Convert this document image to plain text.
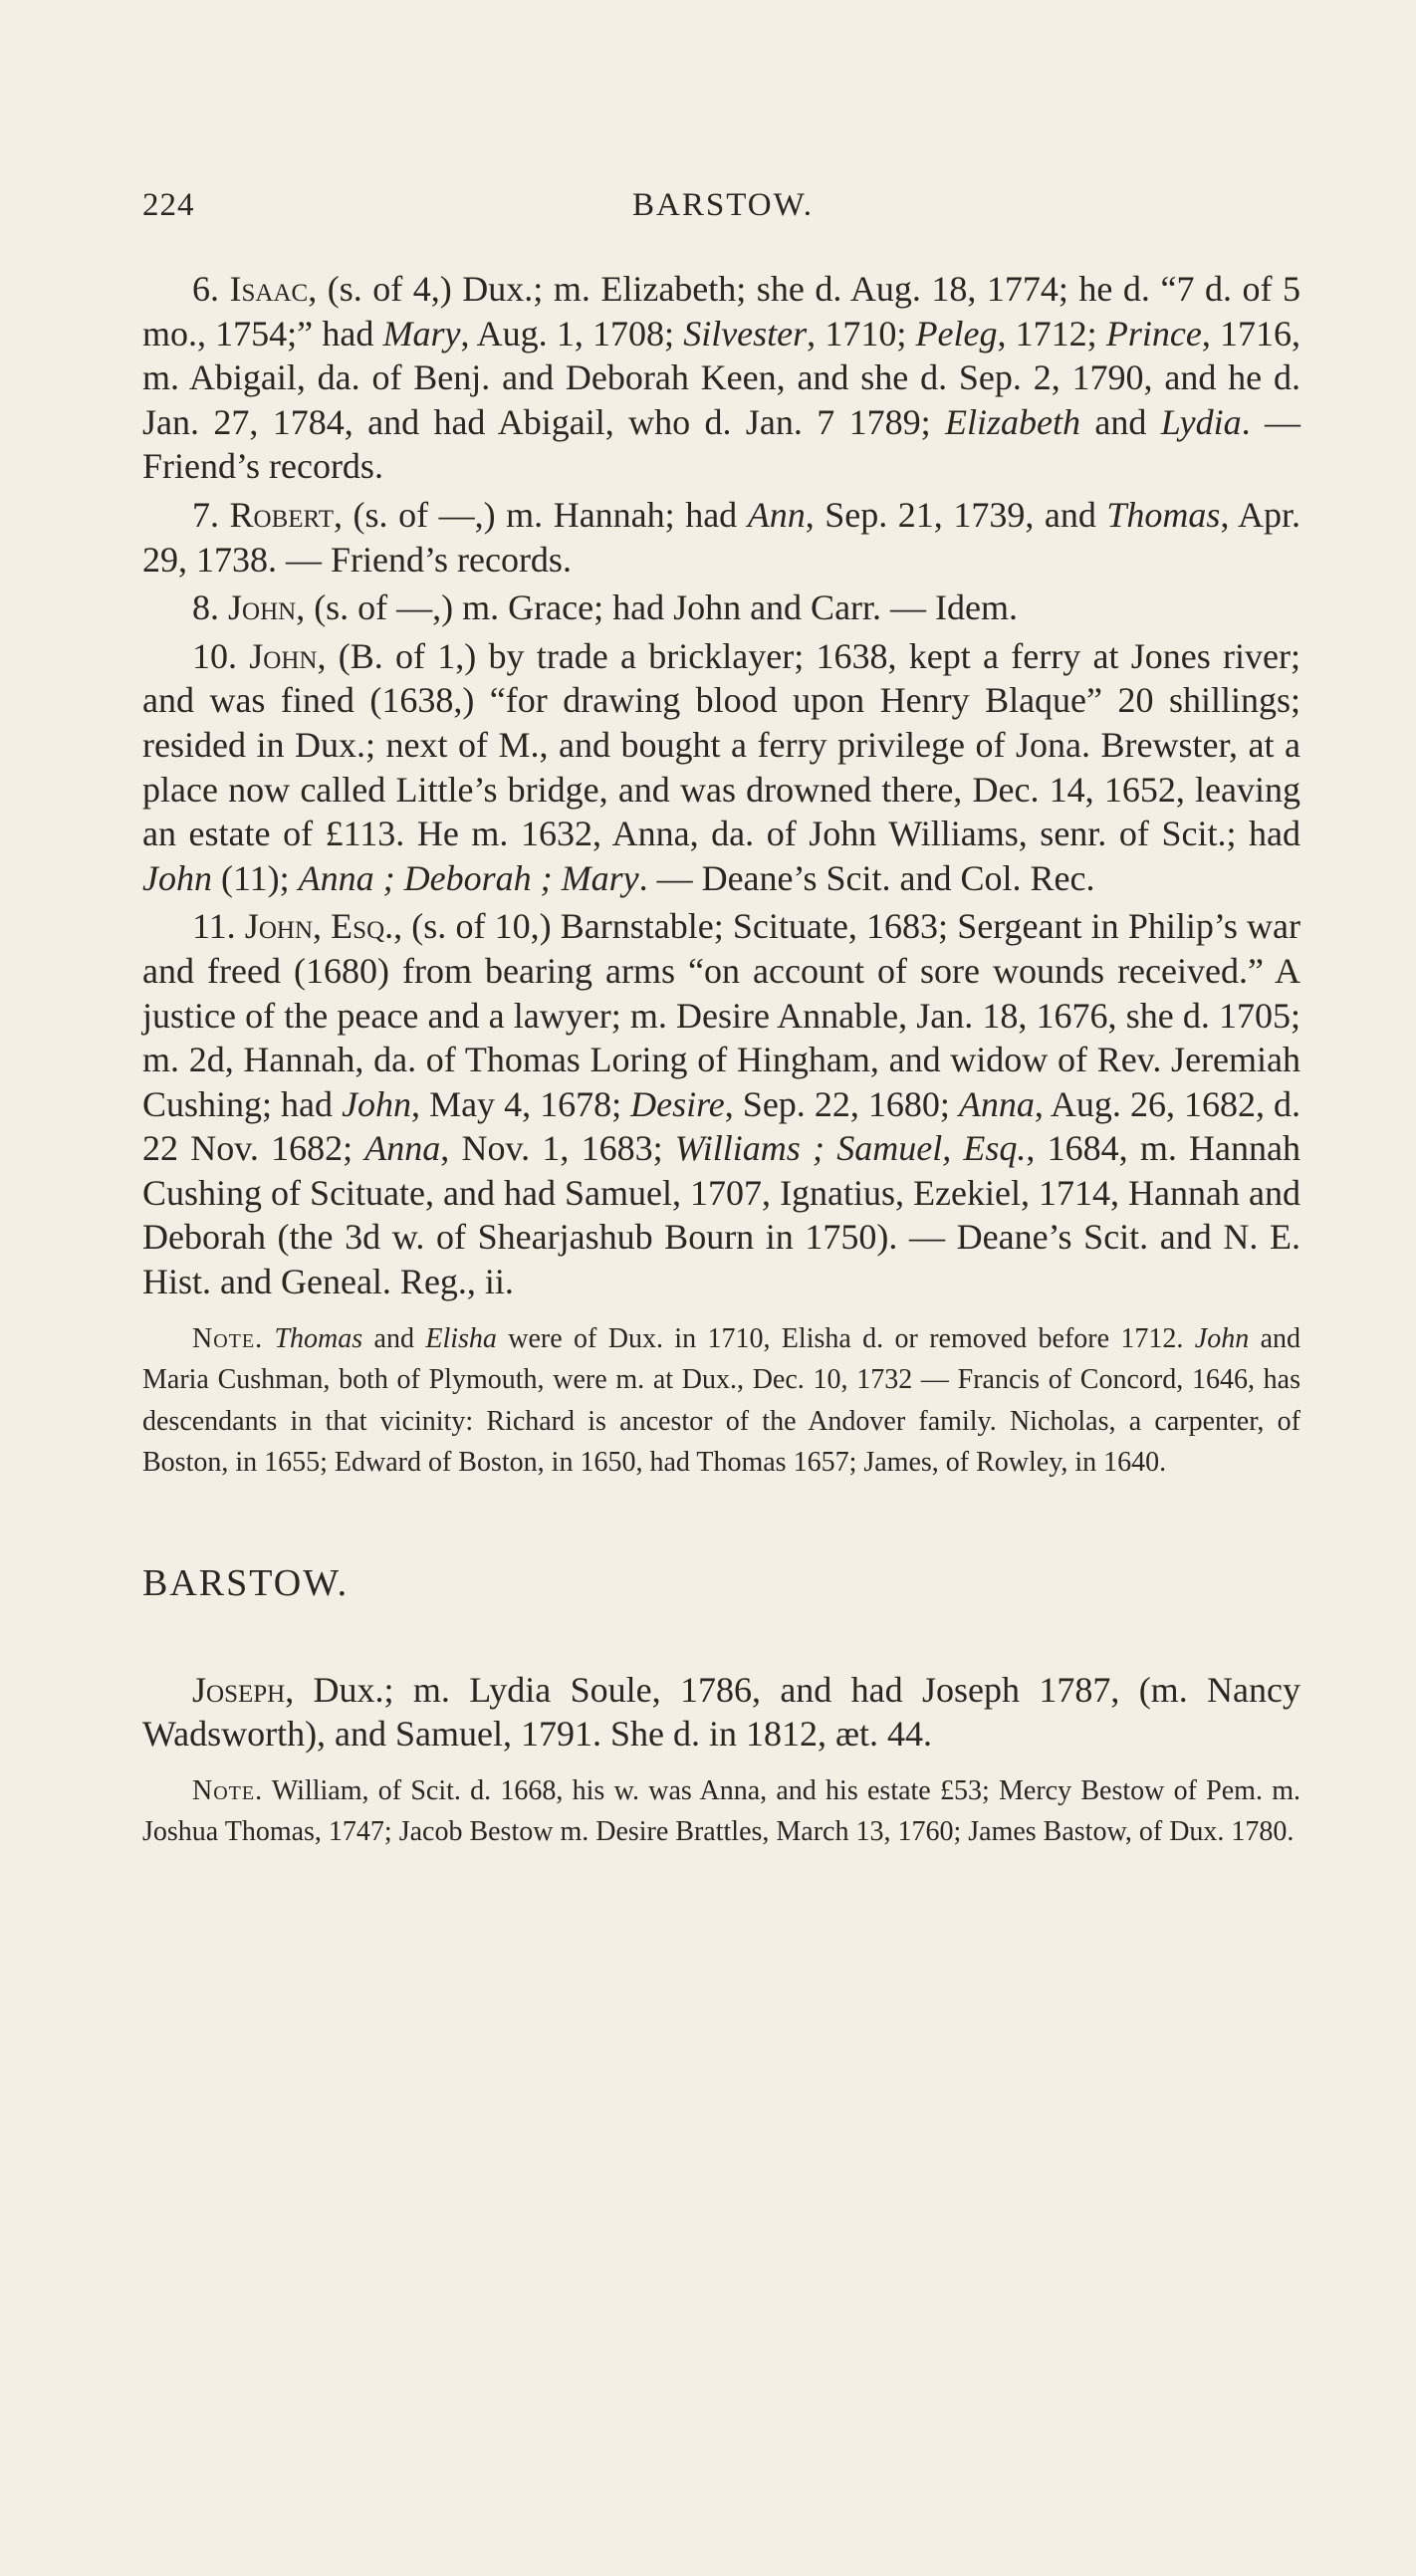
224	BARSTOW.

6. Isaac, (s. of 4,) Dux.; m. Elizabeth; she d. Aug. 18, 1774; he d. “7 d. of 5 mo., 1754;” had Mary, Aug. 1, 1708; Silvester, 1710; Peleg, 1712; Prince, 1716, m. Abigail, da. of Benj. and Deborah Keen, and she d. Sep. 2, 1790, and he d. Jan. 27, 1784, and had Abigail, who d. Jan. 7 1789; Elizabeth and Lydia. — Friend’s records.

7. Robert, (s. of —,) m. Hannah; had Ann, Sep. 21, 1739, and Thomas, Apr. 29, 1738. — Friend’s records.

8. John, (s. of —,) m. Grace; had John and Carr. — Idem.

10. John, (B. of 1,) by trade a bricklayer; 1638, kept a ferry at Jones river; and was fined (1638,) “for drawing blood upon Henry Blaque” 20 shillings; resided in Dux.; next of M., and bought a ferry privilege of Jona. Brewster, at a place now called Little’s bridge, and was drowned there, Dec. 14, 1652, leaving an estate of £113. He m. 1632, Anna, da. of John Williams, senr. of Scit.; had John (11); Anna ; Deborah ; Mary. — Deane’s Scit. and Col. Rec.

11. John, Esq., (s. of 10,) Barnstable; Scituate, 1683; Sergeant in Philip’s war and freed (1680) from bearing arms “on account of sore wounds received.” A justice of the peace and a lawyer; m. Desire Annable, Jan. 18, 1676, she d. 1705; m. 2d, Hannah, da. of Thomas Loring of Hingham, and widow of Rev. Jeremiah Cushing; had John, May 4, 1678; Desire, Sep. 22, 1680; Anna, Aug. 26, 1682, d. 22 Nov. 1682; Anna, Nov. 1, 1683; Williams ; Samuel, Esq., 1684, m. Hannah Cushing of Scituate, and had Samuel, 1707, Ignatius, Ezekiel, 1714, Hannah and Deborah (the 3d w. of Shearjashub Bourn in 1750). — Deane’s Scit. and N. E. Hist. and Geneal. Reg., ii.

Note. Thomas and Elisha were of Dux. in 1710, Elisha d. or removed before 1712. John and Maria Cushman, both of Plymouth, were m. at Dux., Dec. 10, 1732 — Francis of Concord, 1646, has descendants in that vicinity: Richard is ancestor of the Andover family. Nicholas, a carpenter, of Boston, in 1655; Edward of Boston, in 1650, had Thomas 1657; James, of Rowley, in 1640.

BARSTOW.

Joseph, Dux.; m. Lydia Soule, 1786, and had Joseph 1787, (m. Nancy Wadsworth), and Samuel, 1791. She d. in 1812, æt. 44.

Note. William, of Scit. d. 1668, his w. was Anna, and his estate £53; Mercy Bestow of Pem. m. Joshua Thomas, 1747; Jacob Bestow m. Desire Brattles, March 13, 1760; James Bastow, of Dux. 1780.
